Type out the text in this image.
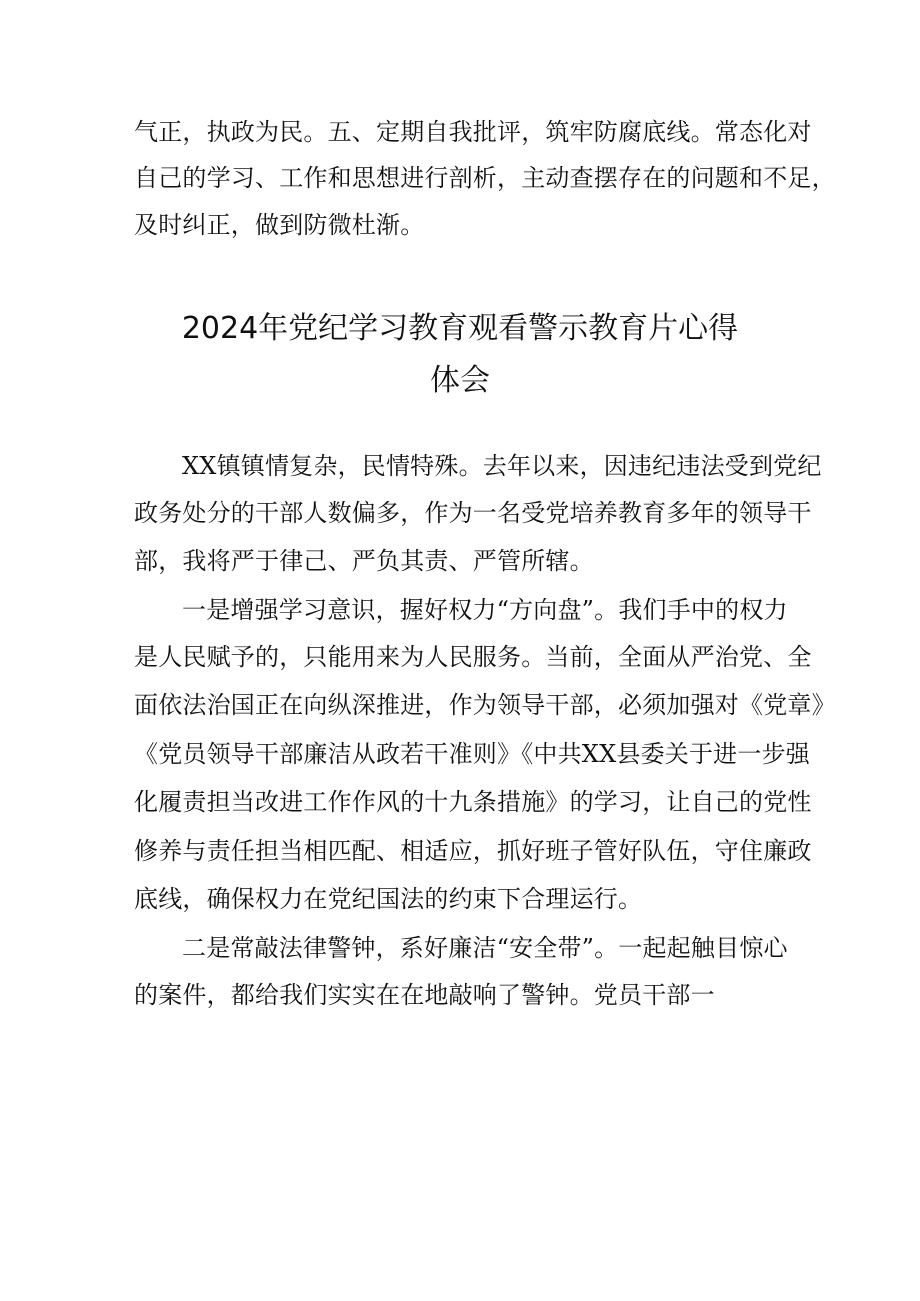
气正，执政为民。五、定期自我批评，筑牢防腐底线。常态化对
自己的学习、工作和思想进行剖析，主动查摆存在的问题和不足，
及时纠正，做到防微杜渐。
2024年党纪学习教育观看警示教育片心得
体会
XX镇镇情复杂，民情特殊。去年以来，因违纪违法受到党纪
政务处分的干部人数偏多，作为一名受党培养教育多年的领导干
部，我将严于律己、严负其责、严管所辖。
一是增强学习意识，握好权力“方向盘”。我们手中的权力
是人民赋予的，只能用来为人民服务。当前，全面从严治党、全
面依法治国正在向纵深推进，作为领导干部，必须加强对《党章》
《党员领导干部廉洁从政若干准则》《中共XX县委关于进一步强
化履责担当改进工作作风的十九条措施》的学习，让自己的党性
修养与责任担当相匹配、相适应，抓好班子管好队伍，守住廉政
底线，确保权力在党纪国法的约束下合理运行。
二是常敲法律警钟，系好廉洁“安全带”。一起起触目惊心
的案件，都给我们实实在在地敲响了警钟。党员干部一
